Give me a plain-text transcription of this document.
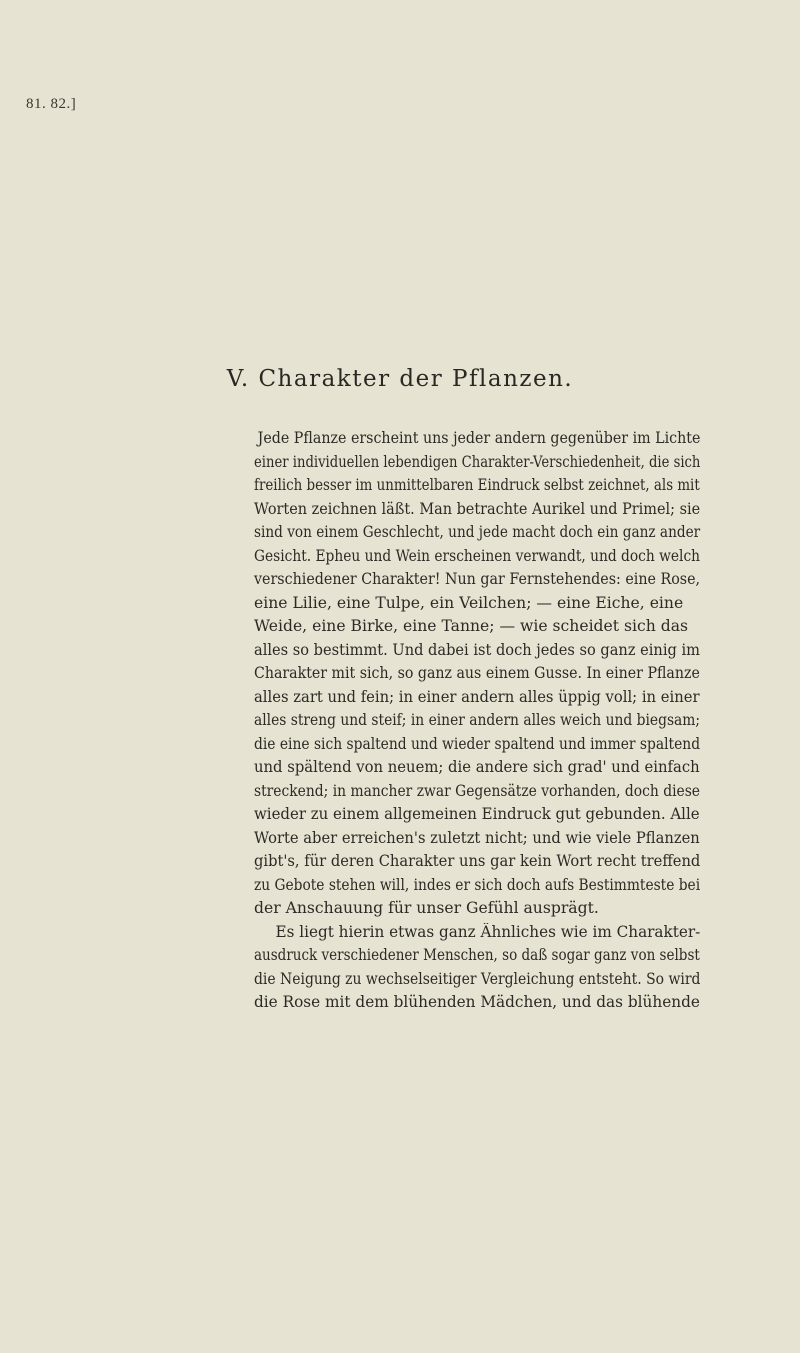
81. 82.]
V. Charakter der Pflanzen.
Jede Pflanze erscheint uns jeder andern gegenüber im Lichte
einer individuellen lebendigen Charakter-Verschiedenheit, die sich
freilich besser im unmittelbaren Eindruck selbst zeichnet, als mit
Worten zeichnen läßt. Man betrachte Aurikel und Primel; sie
sind von einem Geschlecht, und jede macht doch ein ganz ander
Gesicht. Epheu und Wein erscheinen verwandt, und doch welch
verschiedener Charakter! Nun gar Fernstehendes: eine Rose,
eine Lilie, eine Tulpe, ein Veilchen; — eine Eiche, eine
Weide, eine Birke, eine Tanne; — wie scheidet sich das
alles so bestimmt. Und dabei ist doch jedes so ganz einig im
Charakter mit sich, so ganz aus einem Gusse. In einer Pflanze
alles zart und fein; in einer andern alles üppig voll; in einer
alles streng und steif; in einer andern alles weich und biegsam;
die eine sich spaltend und wieder spaltend und immer spaltend
und spältend von neuem; die andere sich grad' und einfach
streckend; in mancher zwar Gegensätze vorhanden, doch diese
wieder zu einem allgemeinen Eindruck gut gebunden. Alle
Worte aber erreichen's zuletzt nicht; und wie viele Pflanzen
gibt's, für deren Charakter uns gar kein Wort recht treffend
zu Gebote stehen will, indes er sich doch aufs Bestimmteste bei
der Anschauung für unser Gefühl ausprägt.
Es liegt hierin etwas ganz Ähnliches wie im Charakter-
ausdruck verschiedener Menschen, so daß sogar ganz von selbst
die Neigung zu wechselseitiger Vergleichung entsteht. So wird
die Rose mit dem blühenden Mädchen, und das blühende
